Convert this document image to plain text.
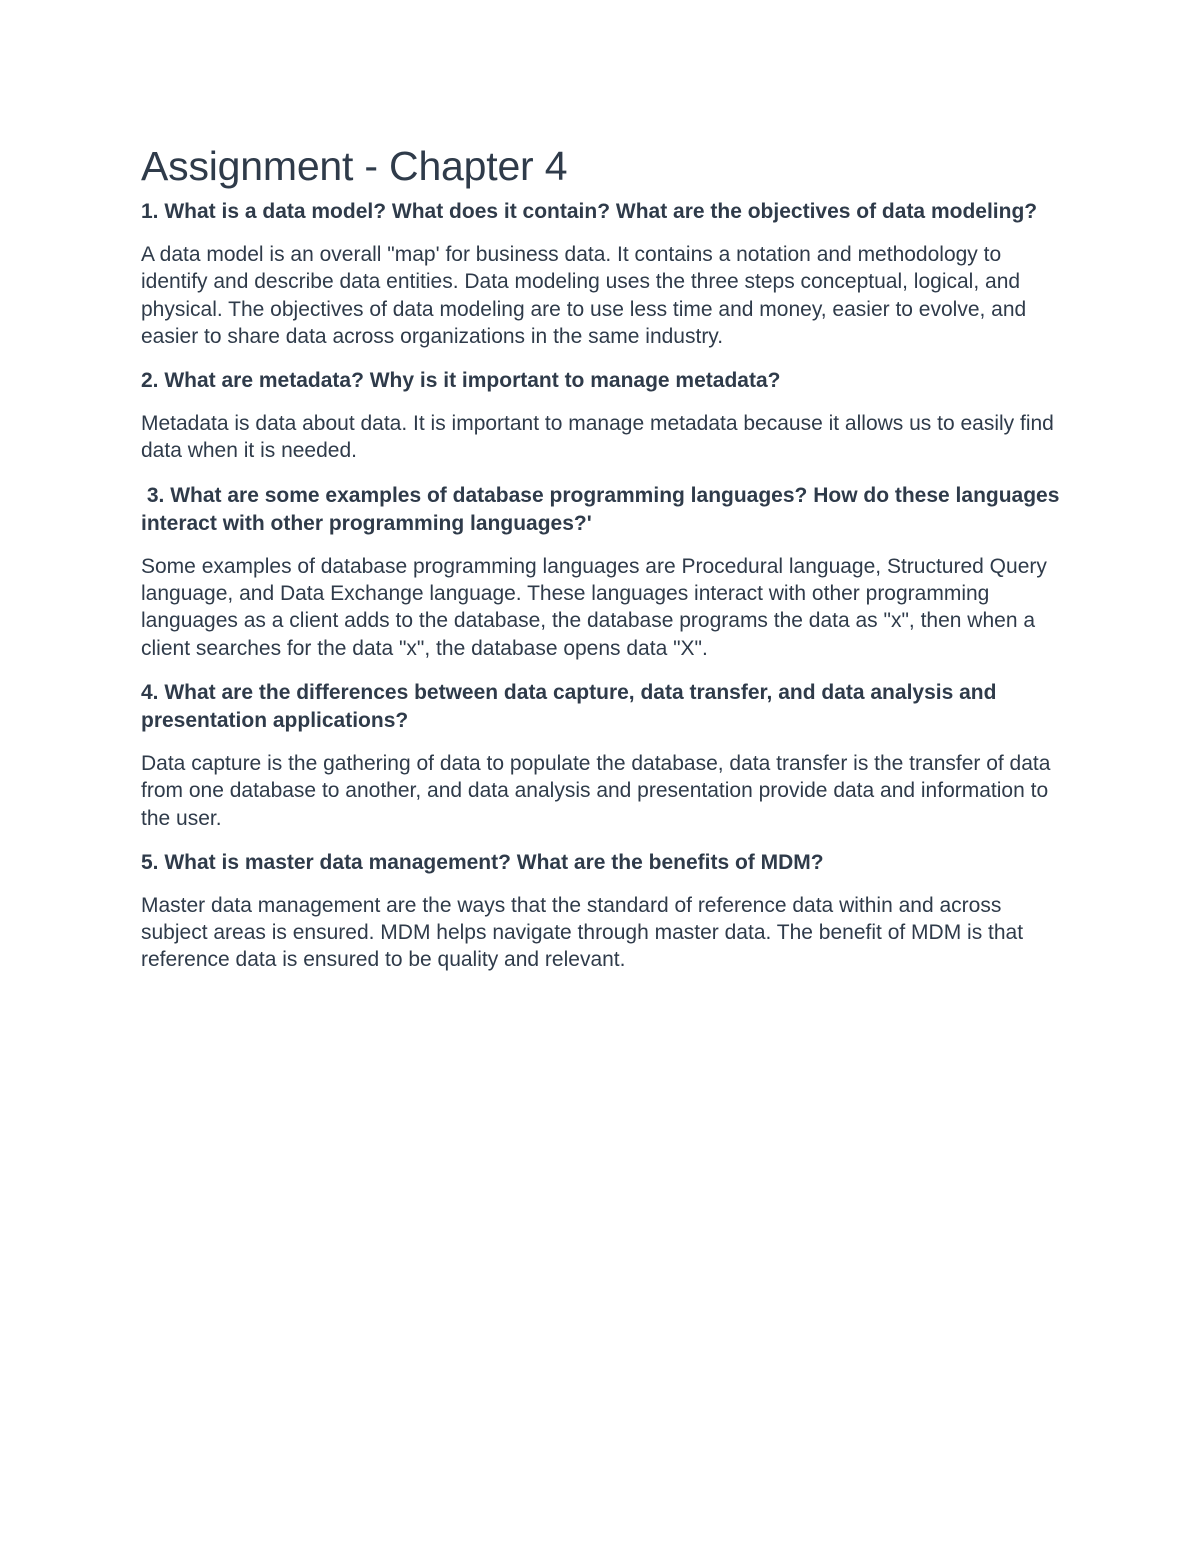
Assignment - Chapter 4

1. What is a data model? What does it contain? What are the objectives of data modeling?

A data model is an overall "map' for business data. It contains a notation and methodology to identify and describe data entities. Data modeling uses the three steps conceptual, logical, and physical. The objectives of data modeling are to use less time and money, easier to evolve, and easier to share data across organizations in the same industry.

2. What are metadata? Why is it important to manage metadata?

Metadata is data about data. It is important to manage metadata because it allows us to easily find data when it is needed.

3. What are some examples of database programming languages? How do these languages interact with other programming languages?'

Some examples of database programming languages are Procedural language, Structured Query language, and Data Exchange language. These languages interact with other programming languages as a client adds to the database, the database programs the data as "x", then when a client searches for the data "x", the database opens data "X".

4. What are the differences between data capture, data transfer, and data analysis and presentation applications?

Data capture is the gathering of data to populate the database, data transfer is the transfer of data from one database to another, and data analysis and presentation provide data and information to the user.

5. What is master data management? What are the benefits of MDM?

Master data management are the ways that the standard of reference data within and across subject areas is ensured. MDM helps navigate through master data. The benefit of MDM is that reference data is ensured to be quality and relevant.
